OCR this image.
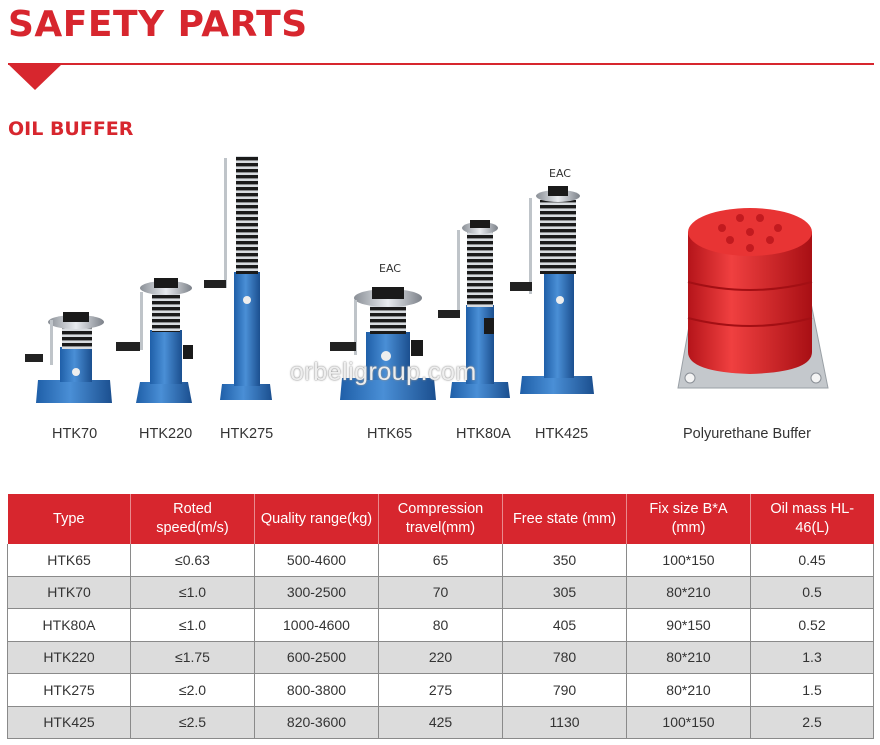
SAFETY PARTS
OIL BUFFER
EAC
EAC
orbeligroup.com
HTK70	HTK220 HTK275	HTK65	HTK80A HTK425	Polyurethane Buffer
Type	Roted speed(m/s)	Quality range(kg)	Compression travel(mm)	Free state (mm)	Fix size B*A (mm)	Oil mass HL-46(L)
HTK65	≤0.63	500-4600	65	350	100*150	0.45
HTK70	≤1.0	300-2500	70	305	80*210	0.5
HTK80A	≤1.0	1000-4600	80	405	90*150	0.52
HTK220	≤1.75	600-2500	220	780	80*210	1.3
HTK275	≤2.0	800-3800	275	790	80*210	1.5
HTK425	≤2.5	820-3600	425	1130	100*150	2.5
